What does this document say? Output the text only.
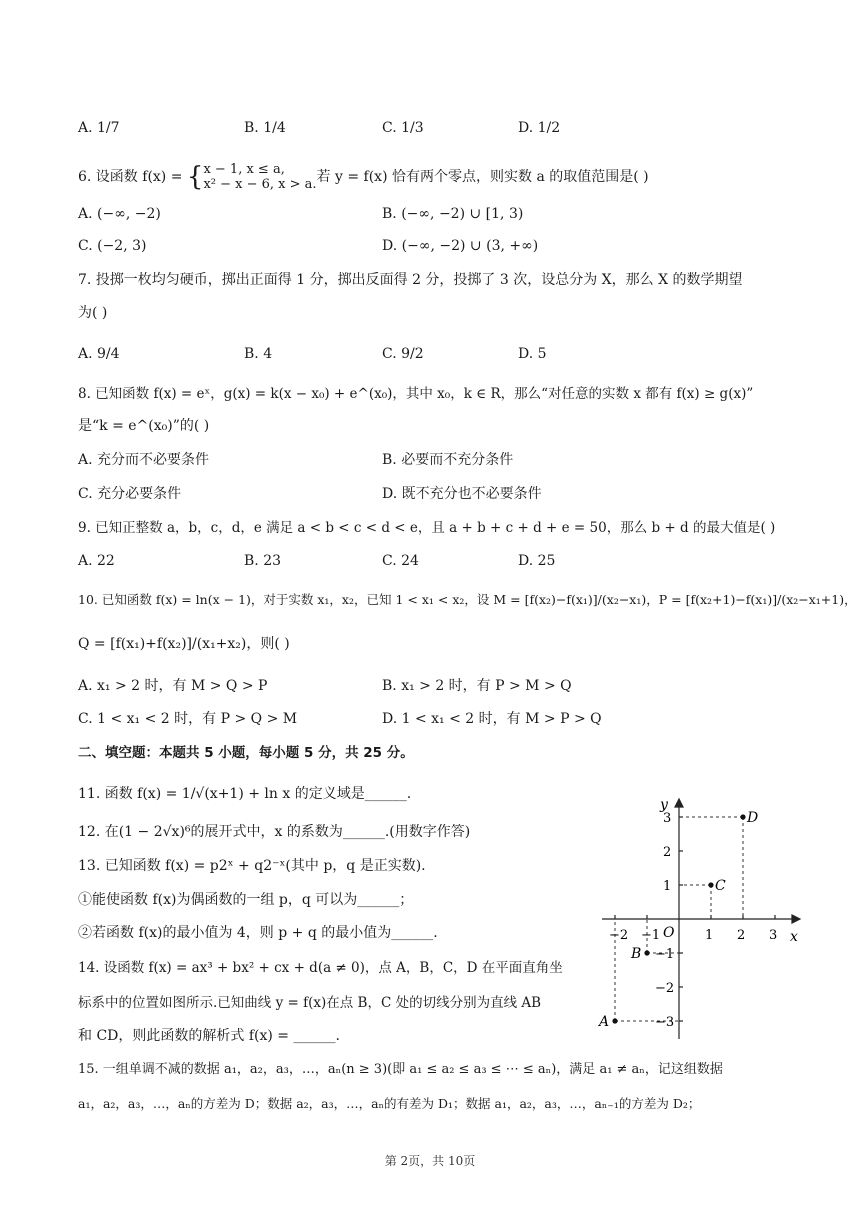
A. 1/7	B. 1/4	C. 1/3	D. 1/2
6. 设函数 f(x) = { x − 1, x ≤ a,
x² − x − 6, x > a. 若 y = f(x) 恰有两个零点，则实数 a 的取值范围是( )
A. (−∞, −2)	B. (−∞, −2) ∪ [1, 3)
C. (−2, 3)	D. (−∞, −2) ∪ (3, +∞)
7. 投掷一枚均匀硬币，掷出正面得 1 分，掷出反面得 2 分，投掷了 3 次，设总分为 X，那么 X 的数学期望
为( )
A. 9/4	B. 4	C. 9/2	D. 5
8. 已知函数 f(x) = eˣ，g(x) = k(x − x₀) + e^(x₀)，其中 x₀，k ∈ R，那么“对任意的实数 x 都有 f(x) ≥ g(x)”
是“k = e^(x₀)”的( )
A. 充分而不必要条件	B. 必要而不充分条件
C. 充分必要条件	D. 既不充分也不必要条件
9. 已知正整数 a，b，c，d，e 满足 a < b < c < d < e，且 a + b + c + d + e = 50，那么 b + d 的最大值是( )
A. 22	B. 23	C. 24	D. 25
10. 已知函数 f(x) = ln(x − 1)，对于实数 x₁，x₂，已知 1 < x₁ < x₂，设 M = [f(x₂)−f(x₁)]/(x₂−x₁)，P = [f(x₂+1)−f(x₁)]/(x₂−x₁+1)，
Q = [f(x₁)+f(x₂)]/(x₁+x₂)，则( )
A. x₁ > 2 时，有 M > Q > P	B. x₁ > 2 时，有 P > M > Q
C. 1 < x₁ < 2 时，有 P > Q > M	D. 1 < x₁ < 2 时，有 M > P > Q
二、填空题：本题共 5 小题，每小题 5 分，共 25 分。
11. 函数 f(x) = 1/√(x+1) + ln x 的定义域是______.
12. 在(1 − 2√x)⁶的展开式中，x 的系数为______.(用数字作答)
13. 已知函数 f(x) = p2ˣ + q2⁻ˣ(其中 p，q 是正实数).
①能使函数 f(x)为偶函数的一组 p，q 可以为______；
②若函数 f(x)的最小值为 4，则 p + q 的最小值为______.
14. 设函数 f(x) = ax³ + bx² + cx + d(a ≠ 0)，点 A，B，C，D 在平面直角坐
标系中的位置如图所示.已知曲线 y = f(x)在点 B，C 处的切线分别为直线 AB
和 CD，则此函数的解析式 f(x) = ______.
15. 一组单调不减的数据 a₁，a₂，a₃，…，aₙ(n ≥ 3)(即 a₁ ≤ a₂ ≤ a₃ ≤ ⋯ ≤ aₙ)，满足 a₁ ≠ aₙ，记这组数据
a₁，a₂，a₃，…，aₙ的方差为 D；数据 a₂，a₃，…，aₙ的有差为 D₁；数据 a₁，a₂，a₃，…，aₙ₋₁的方差为 D₂；
x
y
O
−2 −1	1 2 3
3
2
1
−1
−2
−3
A
B
C
D
第 2页，共 10页
